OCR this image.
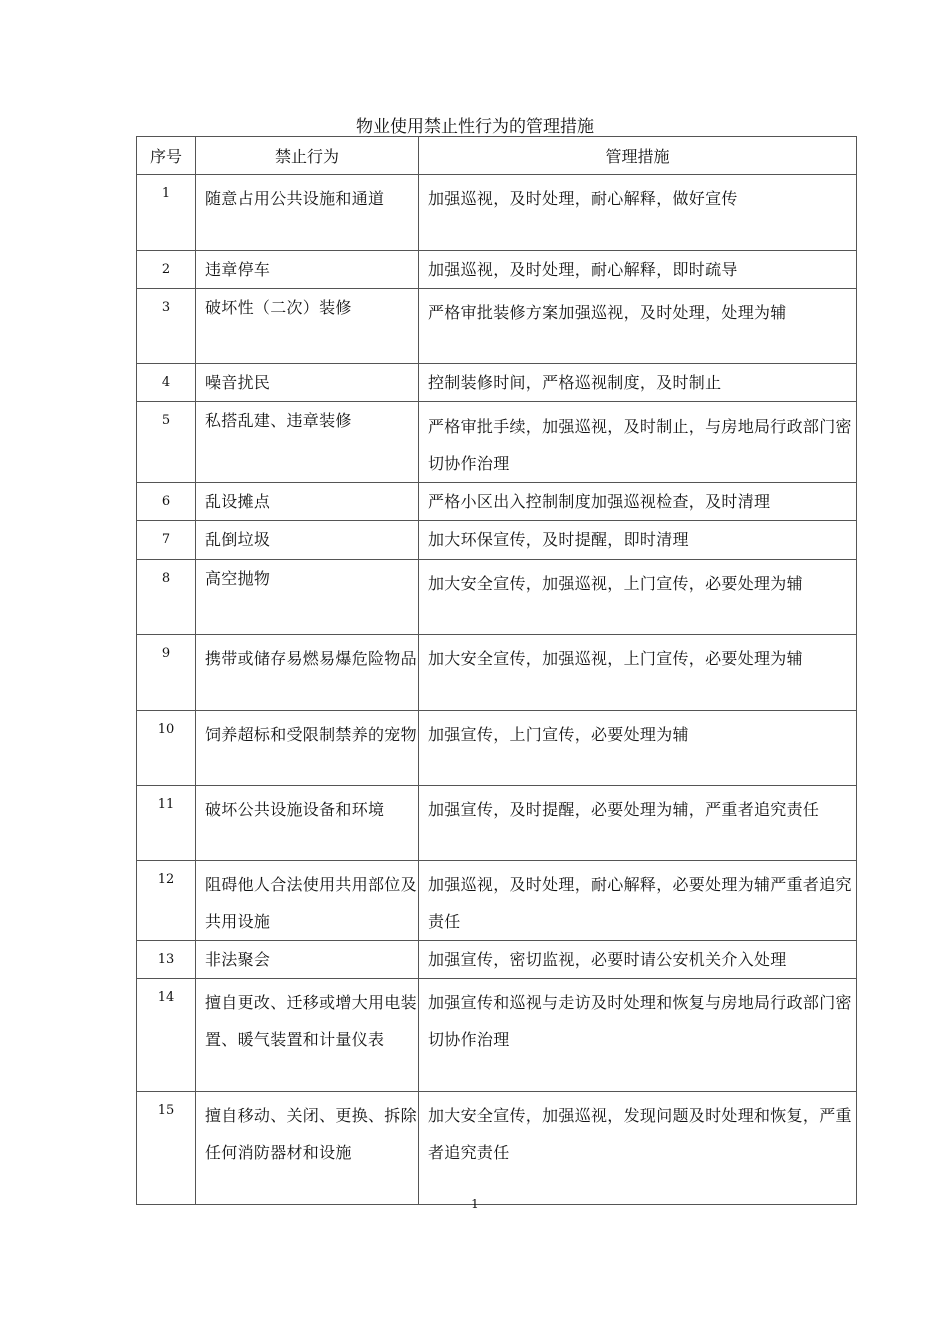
物业使用禁止性行为的管理措施
序号	禁止行为	管理措施

1	随意占用公共设施和通道	加强巡视，及时处理，耐心解释，做好宣传

2	违章停车	加强巡视，及时处理，耐心解释，即时疏导

3	破坏性（二次）装修	严格审批装修方案加强巡视，及时处理，处理为辅

4	噪音扰民	控制装修时间，严格巡视制度，及时制止

5	私搭乱建、违章装修	严格审批手续，加强巡视，及时制止，与房地局行政部门密切协作治理

6	乱设摊点	严格小区出入控制制度加强巡视检查，及时清理

7	乱倒垃圾	加大环保宣传，及时提醒，即时清理

8	高空抛物	加大安全宣传，加强巡视，上门宣传，必要处理为辅

9	携带或储存易燃易爆危险物品	加大安全宣传，加强巡视，上门宣传，必要处理为辅

10	饲养超标和受限制禁养的宠物	加强宣传，上门宣传，必要处理为辅

11	破坏公共设施设备和环境	加强宣传，及时提醒，必要处理为辅，严重者追究责任

12	阻碍他人合法使用共用部位及共用设施	加强巡视，及时处理，耐心解释，必要处理为辅严重者追究责任

13	非法聚会	加强宣传，密切监视，必要时请公安机关介入处理

14	擅自更改、迁移或增大用电装置、暖气装置和计量仪表	加强宣传和巡视与走访及时处理和恢复与房地局行政部门密切协作治理

15	擅自移动、关闭、更换、拆除任何消防器材和设施	加大安全宣传，加强巡视，发现问题及时处理和恢复，严重者追究责任
1
